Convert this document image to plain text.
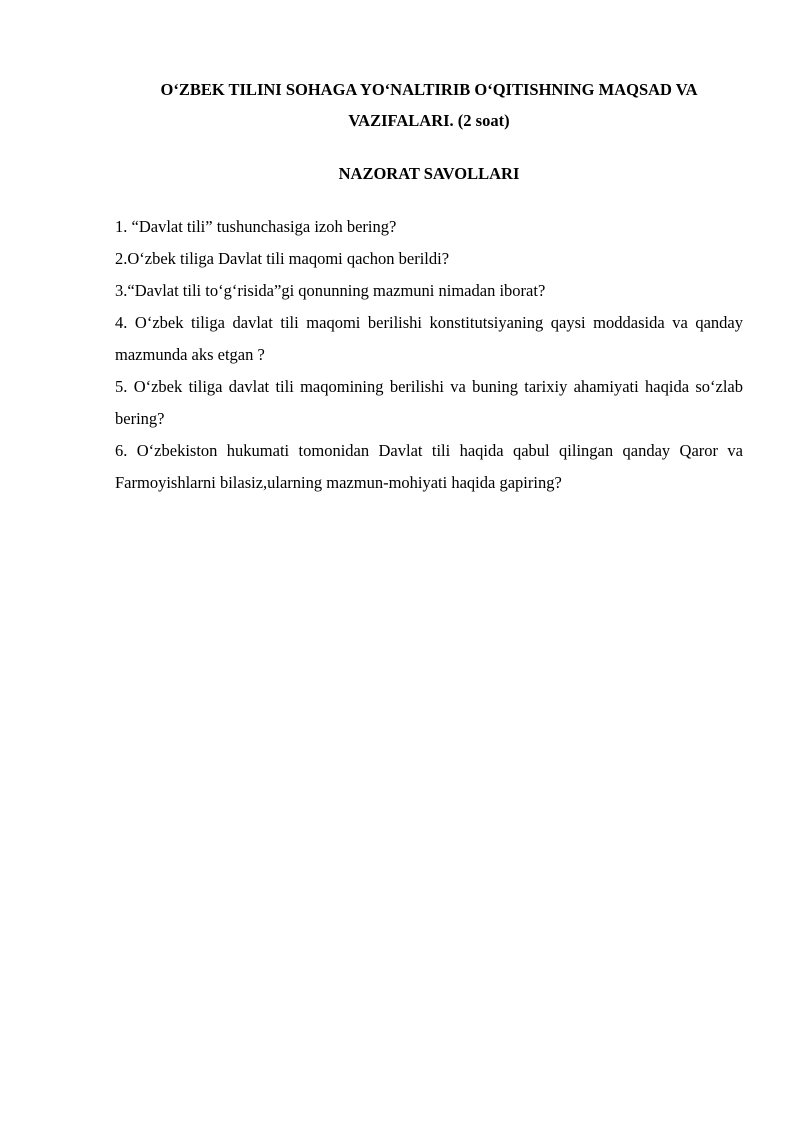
O‘ZBEK TILINI SOHAGA YO‘NALTIRIB O‘QITISHNING MAQSAD VA VAZIFALARI. (2 soat)
NAZORAT SAVOLLARI
1. “Davlat tili” tushunchasiga izoh bering?
2.O‘zbek tiliga Davlat tili maqomi qachon berildi?
3.“Davlat tili to‘g‘risida”gi qonunning mazmuni nimadan iborat?
4. O‘zbek tiliga davlat tili maqomi berilishi konstitutsiyaning qaysi moddasida va qanday mazmunda aks etgan ?
5. O‘zbek tiliga davlat tili maqomining berilishi va buning tarixiy ahamiyati haqida so‘zlab bering?
6. O‘zbekiston hukumati tomonidan Davlat tili haqida qabul qilingan qanday Qaror va Farmoyishlarni bilasiz,ularning mazmun-mohiyati haqida gapiring?
